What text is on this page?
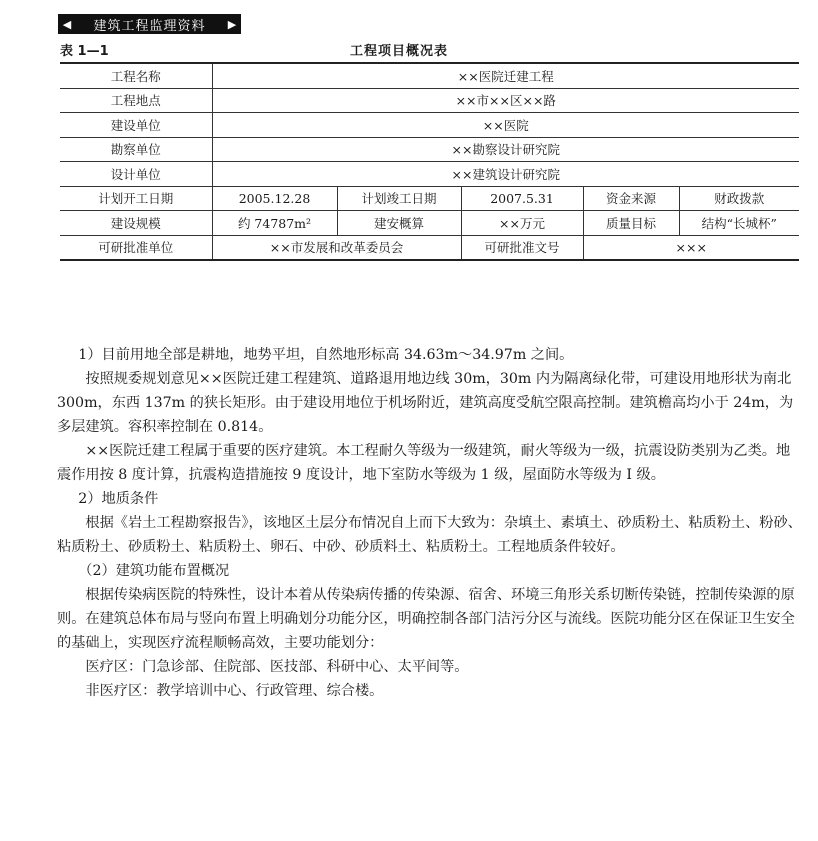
◀	建筑工程监理资料	▶
表 1—1	工程项目概况表
工程名称	××医院迁建工程				
工程地点	××市××区××路				
建设单位	××医院				
勘察单位	××勘察设计研究院				
设计单位	××建筑设计研究院				
计划开工日期	2005.12.28	计划竣工日期	2007.5.31	资金来源	财政拨款
建设规模	约 74787m²	建安概算	××万元	质量目标	结构“长城杯”
可研批准单位	××市发展和改革委员会		可研批准文号	×××	

1）目前用地全部是耕地，地势平坦，自然地形标高 34.63m～34.97m 之间。

按照规委规划意见××医院迁建工程建筑、道路退用地边线 30m，30m 内为隔离绿化带，可建设用地形状为南北 300m，东西 137m 的狭长矩形。由于建设用地位于机场附近，建筑高度受航空限高控制。建筑檐高均小于 24m，为多层建筑。容积率控制在 0.814。

××医院迁建工程属于重要的医疗建筑。本工程耐久等级为一级建筑，耐火等级为一级，抗震设防类别为乙类。地震作用按 8 度计算，抗震构造措施按 9 度设计，地下室防水等级为 1 级，屋面防水等级为 I 级。

2）地质条件

根据《岩土工程勘察报告》，该地区土层分布情况自上而下大致为：杂填土、素填土、砂质粉土、粘质粉土、粉砂、粘质粉土、砂质粉土、粘质粉土、卵石、中砂、砂质料土、粘质粉土。工程地质条件较好。

（2）建筑功能布置概况

根据传染病医院的特殊性，设计本着从传染病传播的传染源、宿舍、环境三角形关系切断传染链，控制传染源的原则。在建筑总体布局与竖向布置上明确划分功能分区，明确控制各部门洁污分区与流线。医院功能分区在保证卫生安全的基础上，实现医疗流程顺畅高效，主要功能划分：

医疗区：门急诊部、住院部、医技部、科研中心、太平间等。

非医疗区：教学培训中心、行政管理、综合楼。
